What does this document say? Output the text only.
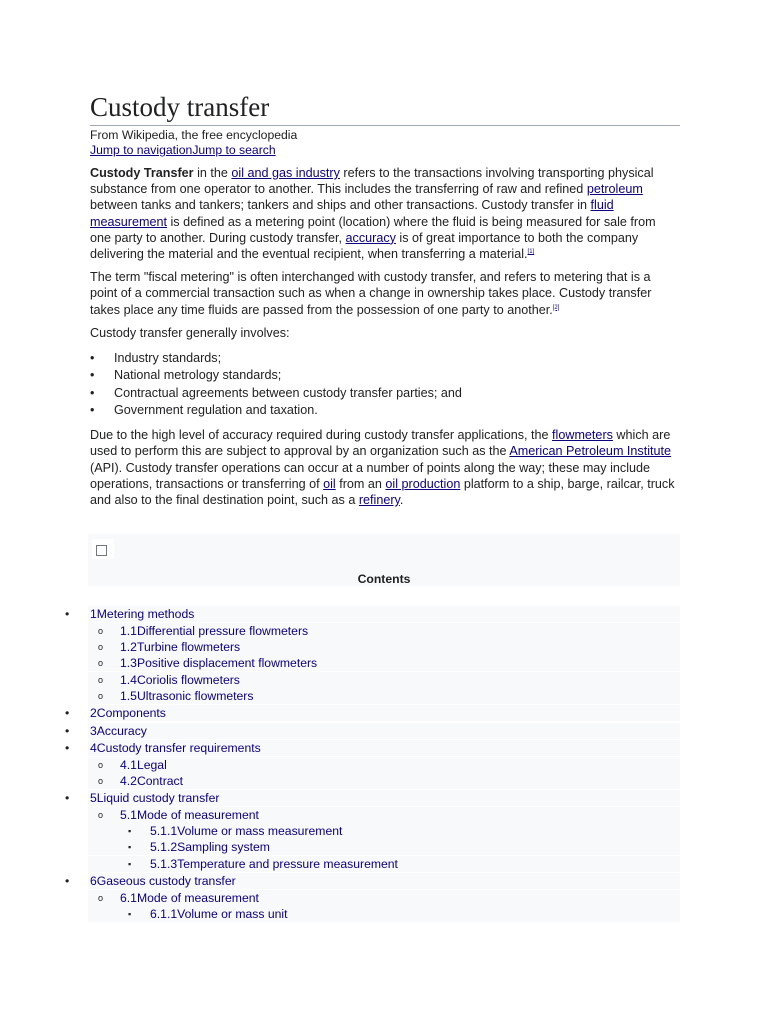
Custody transfer
From Wikipedia, the free encyclopedia
Jump to navigationJump to search

Custody Transfer in the oil and gas industry refers to the transactions involving transporting physical substance from one operator to another. This includes the transferring of raw and refined petroleum between tanks and tankers; tankers and ships and other transactions. Custody transfer in fluid measurement is defined as a metering point (location) where the fluid is being measured for sale from one party to another. During custody transfer, accuracy is of great importance to both the company delivering the material and the eventual recipient, when transferring a material.[1]

The term "fiscal metering" is often interchanged with custody transfer, and refers to metering that is a point of a commercial transaction such as when a change in ownership takes place. Custody transfer takes place any time fluids are passed from the possession of one party to another.[2]

Custody transfer generally involves:

• Industry standards;
• National metrology standards;
• Contractual agreements between custody transfer parties; and
• Government regulation and taxation.

Due to the high level of accuracy required during custody transfer applications, the flowmeters which are used to perform this are subject to approval by an organization such as the American Petroleum Institute (API). Custody transfer operations can occur at a number of points along the way; these may include operations, transactions or transferring of oil from an oil production platform to a ship, barge, railcar, truck and also to the final destination point, such as a refinery.

Contents
• 1Metering methods
o 1.1Differential pressure flowmeters
o 1.2Turbine flowmeters
o 1.3Positive displacement flowmeters
o 1.4Coriolis flowmeters
o 1.5Ultrasonic flowmeters
• 2Components
• 3Accuracy
• 4Custody transfer requirements
o 4.1Legal
o 4.2Contract
• 5Liquid custody transfer
o 5.1Mode of measurement
▪ 5.1.1Volume or mass measurement
▪ 5.1.2Sampling system
▪ 5.1.3Temperature and pressure measurement
• 6Gaseous custody transfer
o 6.1Mode of measurement
▪ 6.1.1Volume or mass unit
